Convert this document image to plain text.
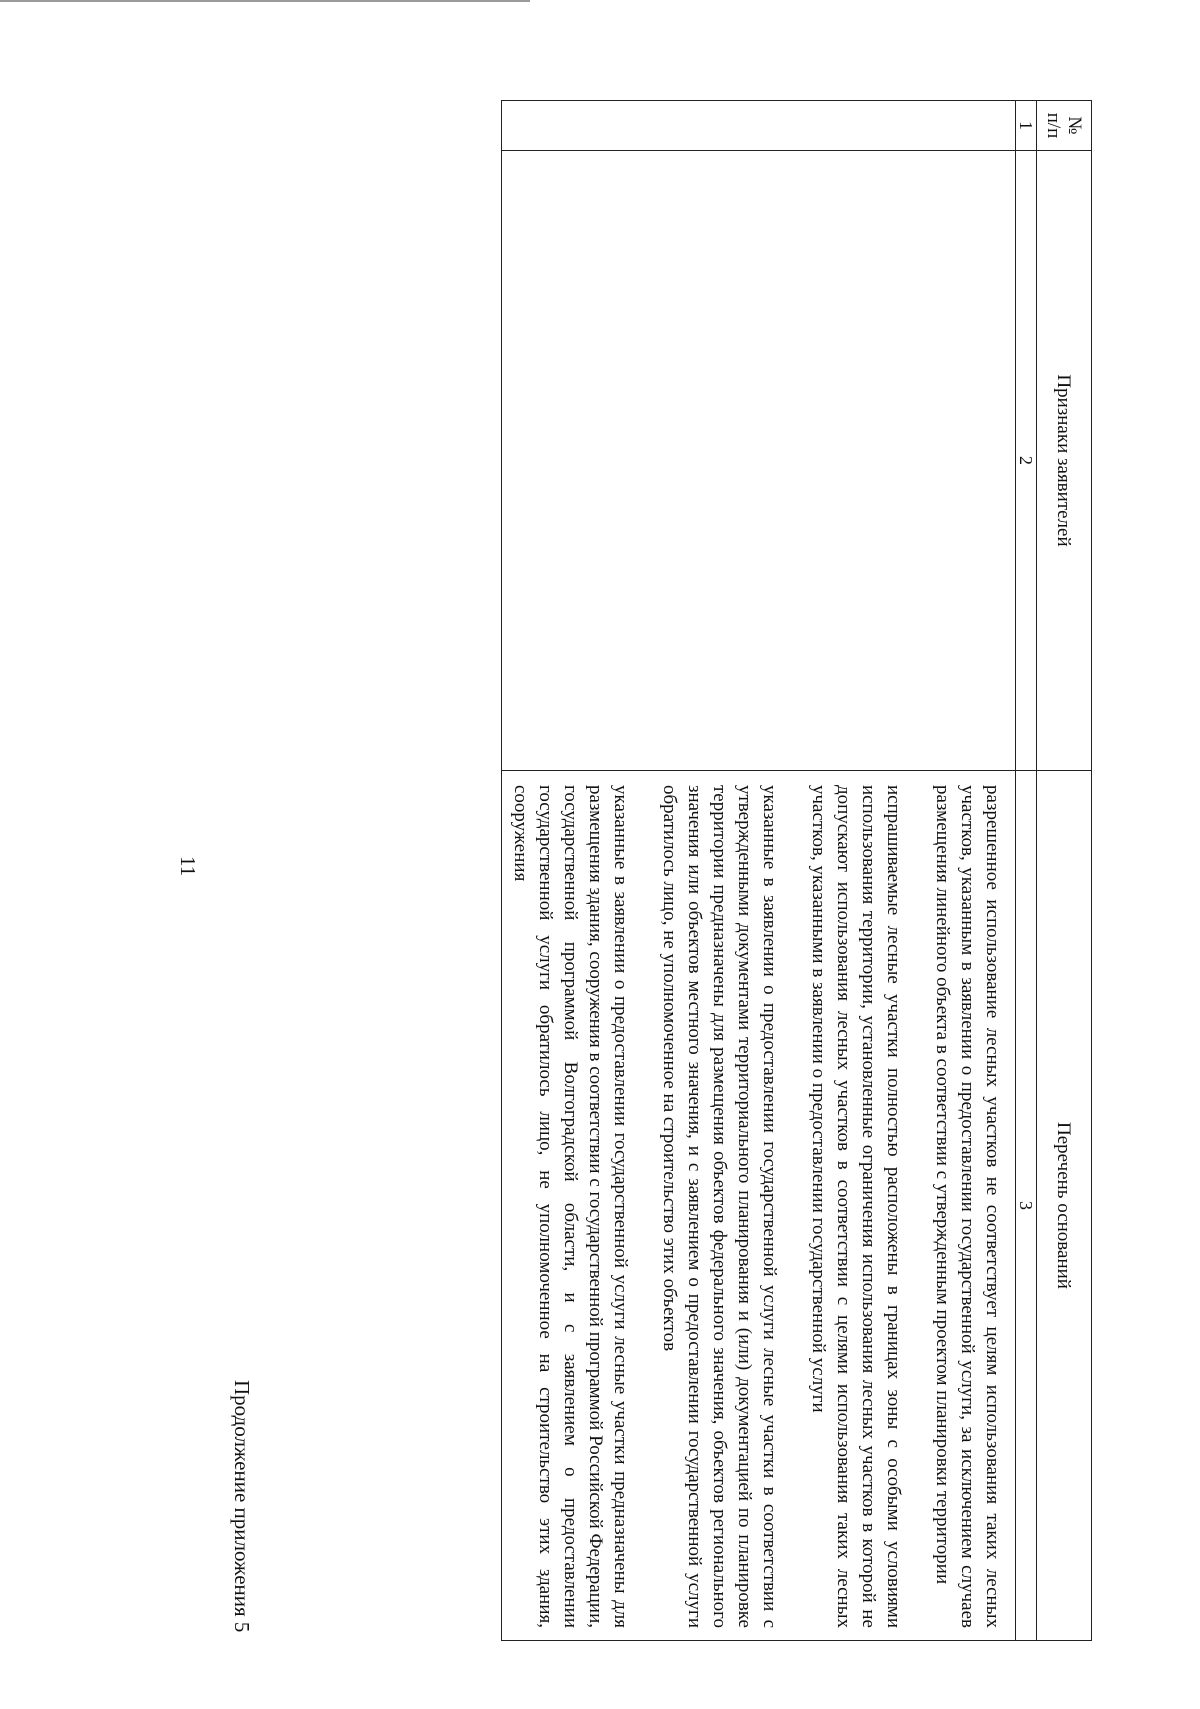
11
Продолжение приложения 5
№ п/п	Признаки заявителей	Перечень оснований
1	2	3

		разрешенное использование лесных участков не соответствует целям использования таких лесных участков, указанным в заявлении о предоставлении государственной услуги, за исключением случаев размещения линейного объекта в соответствии с утвержденным проектом планировки территории

испрашиваемые лесные участки полностью расположены в границах зоны с особыми условиями использования территории, установленные ограничения использования лесных участков в которой не допускают использования лесных участков в соответствии с целями использования таких лесных участков, указанными в заявлении о предоставлении государственной услуги

указанные в заявлении о предоставлении государственной услуги лесные участки в соответствии с утвержденными документами территориального планирования и (или) документацией по планировке территории предназначены для размещения объектов федерального значения, объектов регионального значения или объектов местного значения, и с заявлением о предоставлении государственной услуги обратилось лицо, не уполномоченное на строительство этих объектов

указанные в заявлении о предоставлении государственной услуги лесные участки предназначены для размещения здания, сооружения в соответствии с государственной программой Российской Федерации, государственной программой Волгоградской области, и с заявлением о предоставлении государственной услуги обратилось лицо, не уполномоченное на строительство этих здания, сооружения
